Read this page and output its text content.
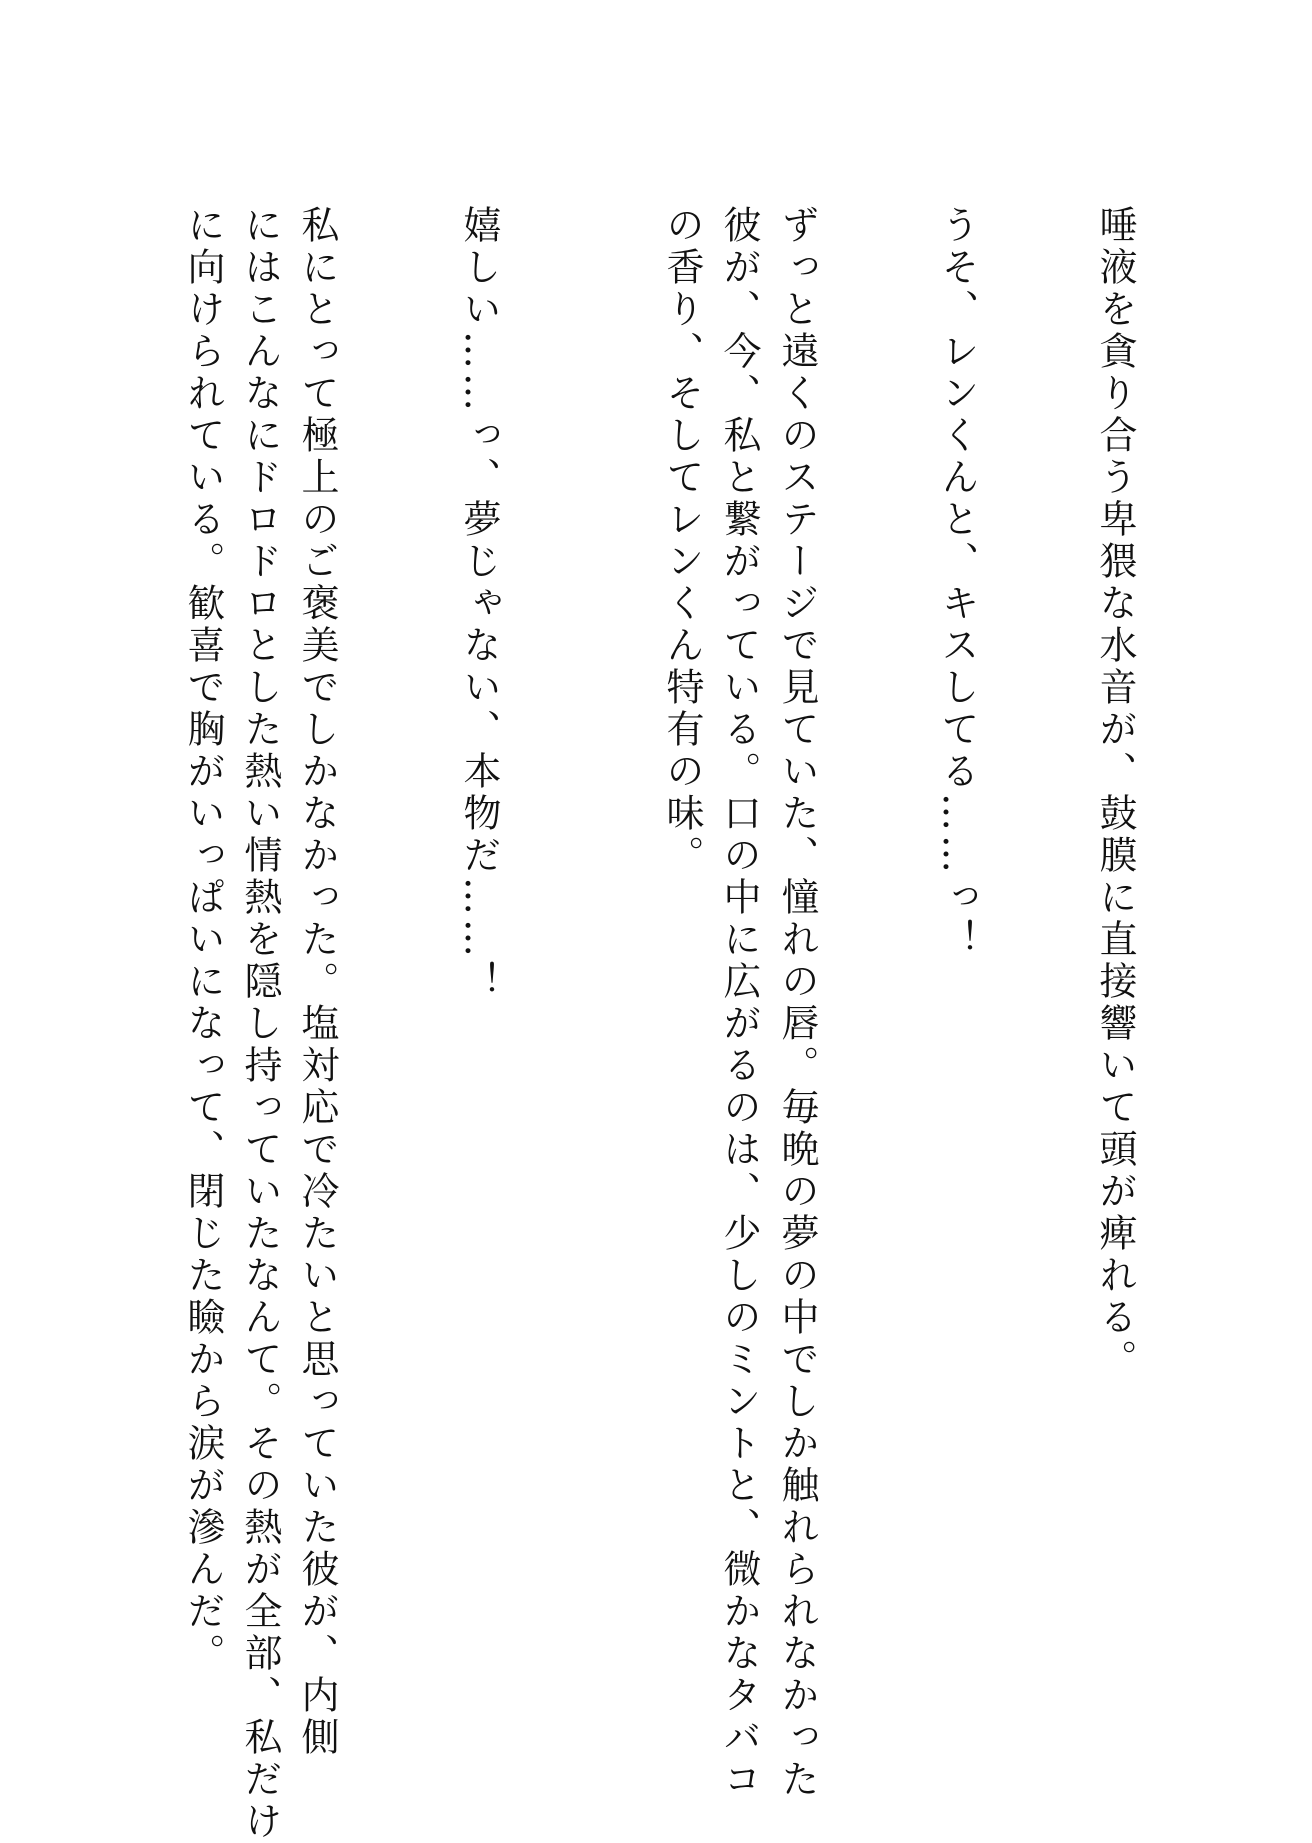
唾液を貪り合う卑猥な水音が、鼓膜に直接響いて頭が痺れる。
うそ、レンくんと、キスしてる……っ！
ずっと遠くのステージで見ていた、憧れの唇。毎晩の夢の中でしか触れられなかった
彼が、今、私と繋がっている。口の中に広がるのは、少しのミントと、微かなタバコ
の香り、そしてレンくん特有の味。
嬉しい……っ、夢じゃない、本物だ……！
私にとって極上のご褒美でしかなかった。塩対応で冷たいと思っていた彼が、内側
にはこんなにドロドロとした熱い情熱を隠し持っていたなんて。その熱が全部、私だけ
に向けられている。歓喜で胸がいっぱいになって、閉じた瞼から涙が滲んだ。
